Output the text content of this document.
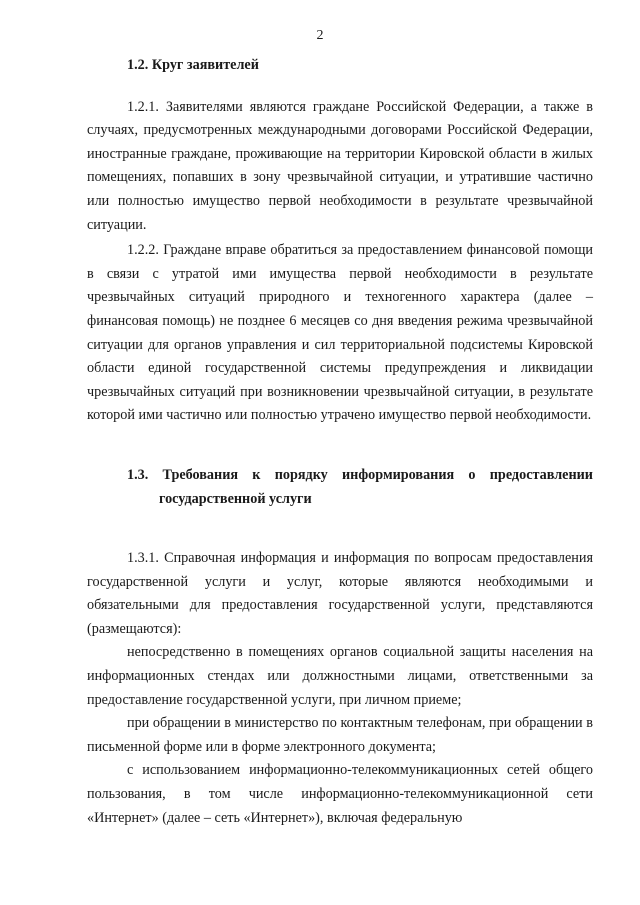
2
1.2. Круг заявителей

1.2.1. Заявителями являются граждане Российской Федерации, а также в случаях, предусмотренных международными договорами Российской Федерации, иностранные граждане, проживающие на территории Кировской области в жилых помещениях, попавших в зону чрезвычайной ситуации, и утратившие частично или полностью имущество первой необходимости в результате чрезвычайной ситуации.

1.2.2. Граждане вправе обратиться за предоставлением финансовой помощи в связи с утратой ими имущества первой необходимости в результате чрезвычайных ситуаций природного и техногенного характера (далее – финансовая помощь) не позднее 6 месяцев со дня введения режима чрезвычайной ситуации для органов управления и сил территориальной подсистемы Кировской области единой государственной системы предупреждения и ликвидации чрезвычайных ситуаций при возникновении чрезвычайной ситуации, в результате которой ими частично или полностью утрачено имущество первой необходимости.

1.3. Требования к порядку информирования о предоставлении
государственной услуги

1.3.1. Справочная информация и информация по вопросам предоставления государственной услуги и услуг, которые являются необходимыми и обязательными для предоставления государственной услуги, представляются (размещаются):

непосредственно в помещениях органов социальной защиты населения на информационных стендах или должностными лицами, ответственными за предоставление государственной услуги, при личном приеме;

при обращении в министерство по контактным телефонам, при обращении в письменной форме или в форме электронного документа;

с использованием информационно-телекоммуникационных сетей общего пользования, в том числе информационно-телекоммуникационной сети «Интернет» (далее – сеть «Интернет»), включая федеральную
